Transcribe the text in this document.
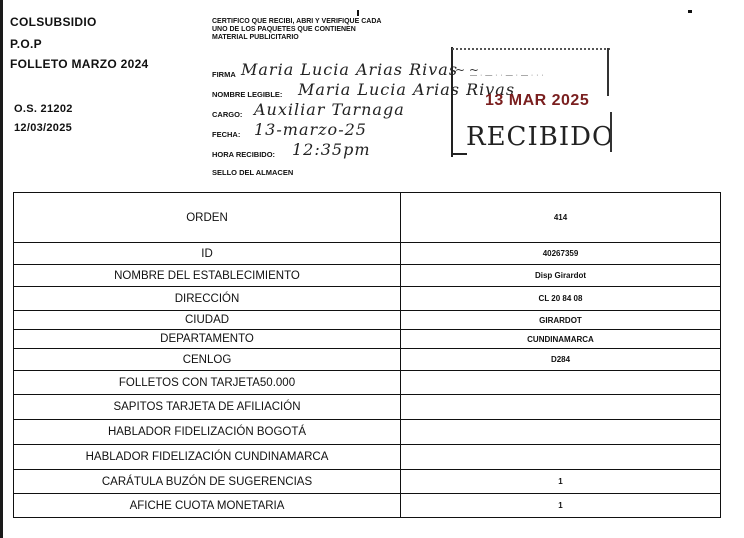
COLSUBSIDIO
P.O.P
FOLLETO MARZO 2024
O.S. 21202
12/03/2025
CERTIFICO QUE RECIBI, ABRI Y VERIFIQUE CADA UNO DE LOS PAQUETES QUE CONTIENEN MATERIAL PUBLICITARIO
FIRMA Maria Lucia Arias Rivas
NOMBRE LEGIBLE: Maria Lucia Arias Rivas
CARGO: Auxiliar Tarnaga
FECHA: 13-marzo-25
HORA RECIBIDO: 12:35pm
SELLO DEL ALMACEN
— · — · · — · — · · ·
~ ~
13 MAR 2025
RECIBIDO
ORDEN	414
ID	40267359
NOMBRE DEL ESTABLECIMIENTO	Disp Girardot
DIRECCIÓN	CL 20 84 08
CIUDAD	GIRARDOT
DEPARTAMENTO	CUNDINAMARCA
CENLOG	D284
FOLLETOS CON TARJETA50.000	
SAPITOS TARJETA DE AFILIACIÓN	
HABLADOR FIDELIZACIÓN BOGOTÁ	
HABLADOR FIDELIZACIÓN CUNDINAMARCA	
CARÁTULA BUZÓN DE SUGERENCIAS	1
AFICHE CUOTA MONETARIA	1
